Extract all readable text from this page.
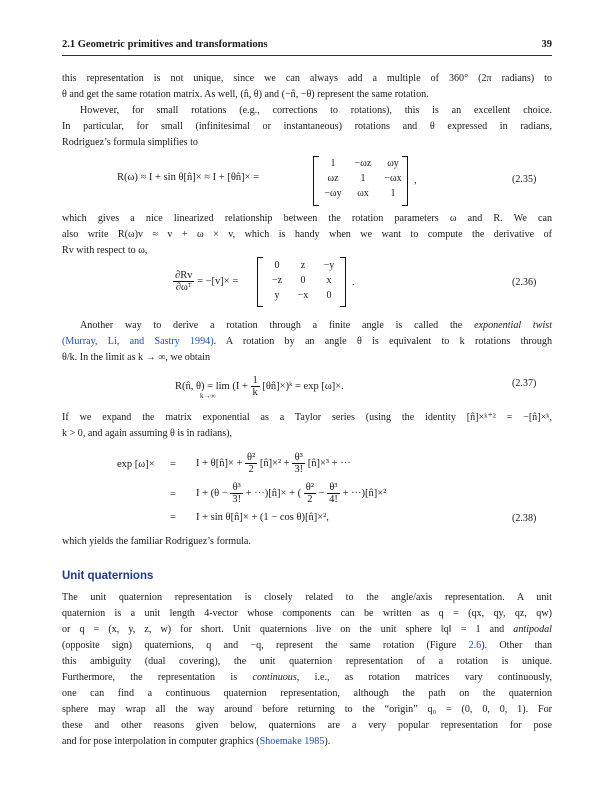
2.1 Geometric primitives and transformations	39
this representation is not unique, since we can always add a multiple of 360° (2π radians) to
θ and get the same rotation matrix. As well, (n̂, θ) and (−n̂, −θ) represent the same rotation.
However, for small rotations (e.g., corrections to rotations), this is an excellent choice.
In particular, for small (infinitesimal or instantaneous) rotations and θ expressed in radians,
Rodriguez’s formula simplifies to
R(ω) ≈ I + sin θ[n̂]× ≈ I + [θn̂]× =
1	−ωz	ωy
ωz	1	−ωx
−ωy	ωx	1
,	(2.35)
which gives a nice linearized relationship between the rotation parameters ω and R. We can
also write R(ω)v ≈ v + ω × v, which is handy when we want to compute the derivative of
Rv with respect to ω,
$\frac{\partial Rv}{\text{∂ωᵀ}} = -[v]\times$ =
0	z	−y
−z	0	x
y	−x	0
.	(2.36)
Another way to derive a rotation through a finite angle is called the exponential twist
(Murray, Li, and Sastry 1994). A rotation by an angle θ is equivalent to k rotations through
θ/k. In the limit as k → ∞, we obtain
R(n̂, $\theta) = \lim (I + \frac{1}{k}$ [θn̂]×)ᵏ = exp [ω]×.
k→∞
(2.37)
If we expand the matrix exponential as a Taylor series (using the identity [n̂]×ᵏ⁺² = −[n̂]×ᵏ,
k > 0, and again assuming θ is in radians),
exp [ω]× = I + θ[n̂]× + $\frac{\text{θ²}}{2}$ [n̂]×² + $\frac{\text{θ³}}{3!}$ [n̂]×³ + ···
= $I + (\theta - \frac{\text{θ³}}{3!}$ + ···)[n̂]× + ( $\frac{\text{θ²}}{2} - \frac{\text{θ³}}{4!}$ + ···)[n̂]×²
= I + sin θ[n̂]× + (1 − cos θ)[n̂]×²,	(2.38)
which yields the familiar Rodriguez’s formula.
Unit quaternions
The unit quaternion representation is closely related to the angle/axis representation. A unit
quaternion is a unit length 4-vector whose components can be written as q = (qx, qy, qz, qw)
or q = (x, y, z, w) for short. Unit quaternions live on the unit sphere ‖q‖ = 1 and antipodal
(opposite sign) quaternions, q and −q, represent the same rotation (Figure 2.6). Other than
this ambiguity (dual covering), the unit quaternion representation of a rotation is unique.
Furthermore, the representation is continuous, i.e., as rotation matrices vary continuously,
one can find a continuous quaternion representation, although the path on the quaternion
sphere may wrap all the way around before returning to the “origin” q₀ = (0, 0, 0, 1). For
these and other reasons given below, quaternions are a very popular representation for pose
and for pose interpolation in computer graphics (Shoemake 1985).
